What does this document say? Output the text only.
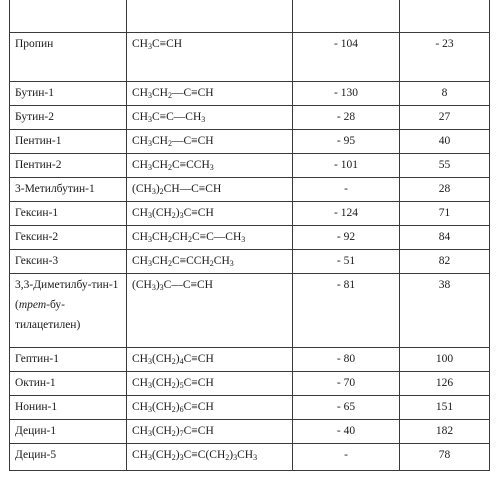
Пропин	$CH_3C\equiv CH$	- 104	- 23
Бутин-1	$CH_3CH_2—C\equiv CH$	- 130	8
Бутин-2	$CH_3C\equiv C—CH_3$	- 28	27
Пентин-1	$CH_3CH_2—C\equiv CH$	- 95	40
Пентин-2	$CH_3CH_2C\equiv CCH_3$	- 101	55
3-Метилбутин-1	$(CH_3)_2CH—C\equiv CH$	-	28
Гексин-1	$CH_3(CH_2)_3C\equiv CH$	- 124	71
Гексин-2	$CH_3CH_2CH_2C\equiv C—CH_3$	- 92	84
Гексин-3	$CH_3CH_2C\equiv CCH_2CH_3$	- 51	82
3,3-Диметилбу-тин-1 (трет-бу-тилацетилен)	$(CH_3)_3C—C\equiv CH$	- 81	38
Гептин-1	$CH_3(CH_2)_4C\equiv CH$	- 80	100
Октин-1	$CH_3(CH_2)_5C\equiv CH$	- 70	126
Нонин-1	$CH_3(CH_2)_6C\equiv CH$	- 65	151
Децин-1	$CH_3(CH_2)_7C\equiv CH$	- 40	182
Децин-5	$CH_3(CH_2)_3C\equiv C(CH_2)_3CH_3$	-	78
